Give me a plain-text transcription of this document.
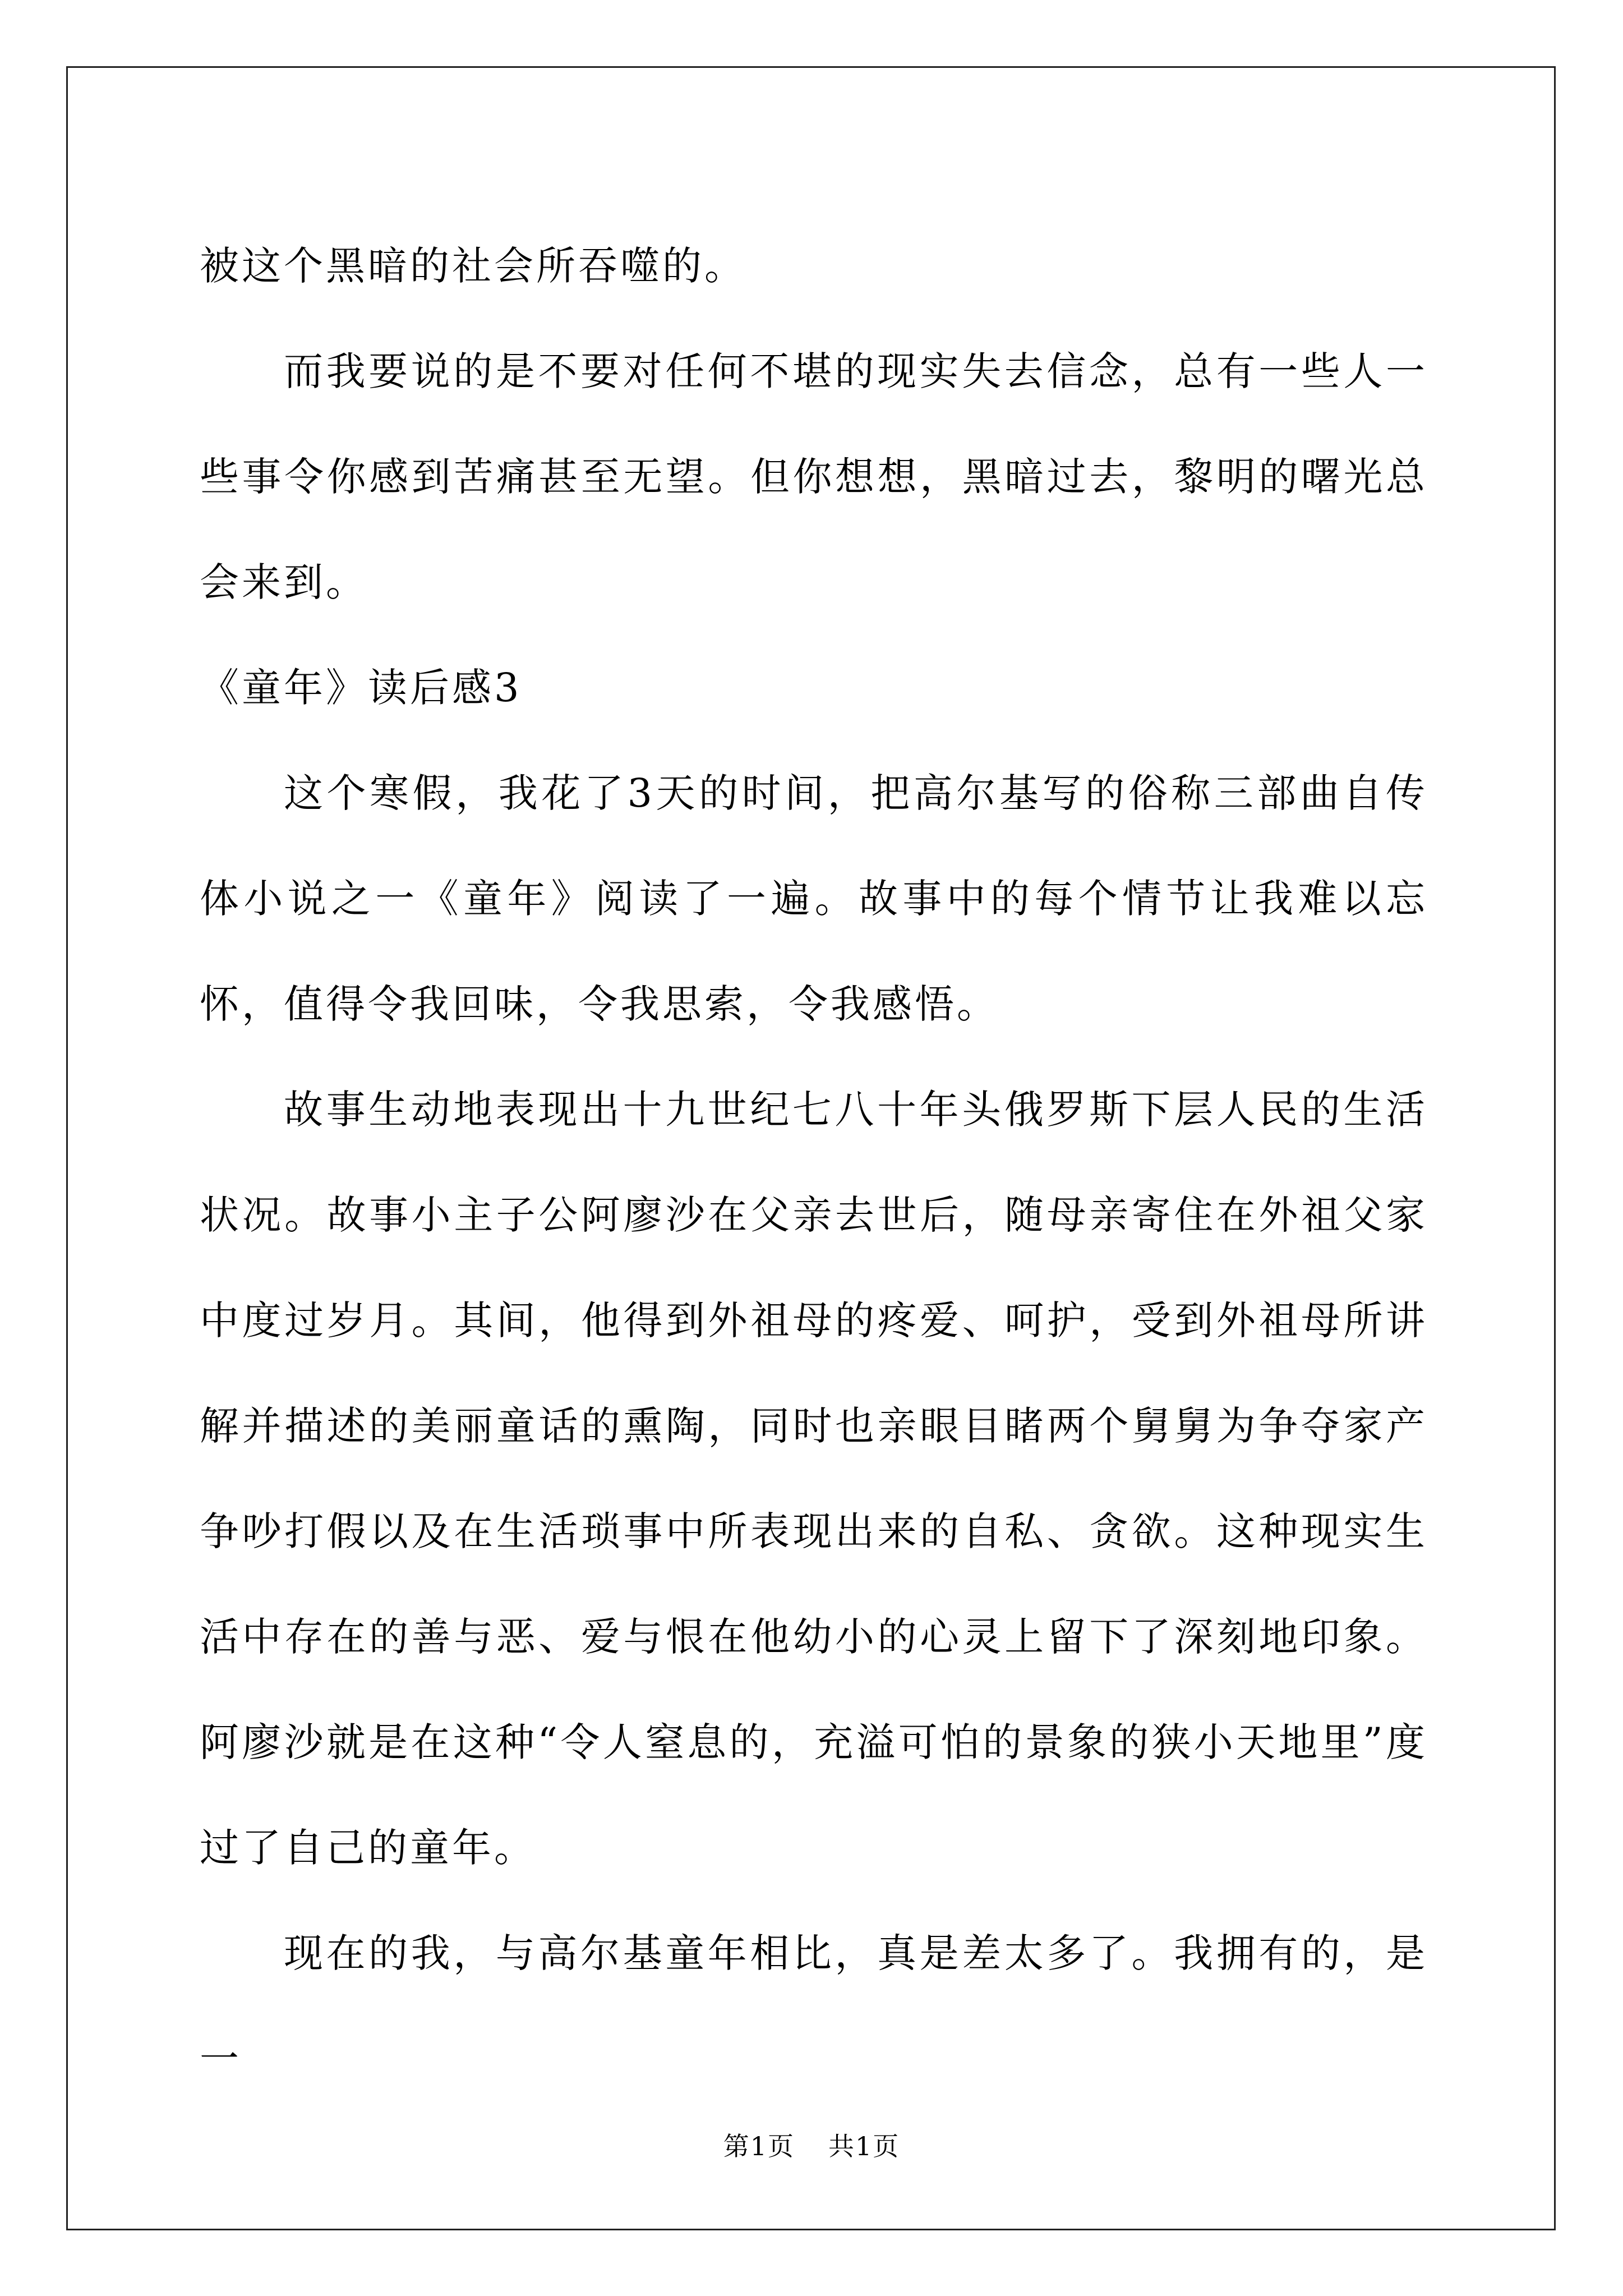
被这个黑暗的社会所吞噬的。

而我要说的是不要对任何不堪的现实失去信念，总有一些人一些事令你感到苦痛甚至无望。但你想想，黑暗过去，黎明的曙光总会来到。

《童年》读后感3

这个寒假，我花了3天的时间，把高尔基写的俗称三部曲自传体小说之一《童年》阅读了一遍。故事中的每个情节让我难以忘怀，值得令我回味，令我思索，令我感悟。

故事生动地表现出十九世纪七八十年头俄罗斯下层人民的生活状况。故事小主子公阿廖沙在父亲去世后，随母亲寄住在外祖父家中度过岁月。其间，他得到外祖母的疼爱、呵护，受到外祖母所讲解并描述的美丽童话的熏陶，同时也亲眼目睹两个舅舅为争夺家产争吵打假以及在生活琐事中所表现出来的自私、贪欲。这种现实生活中存在的善与恶、爱与恨在他幼小的心灵上留下了深刻地印象。阿廖沙就是在这种“令人窒息的，充溢可怕的景象的狭小天地里”度过了自己的童年。

现在的我，与高尔基童年相比，真是差太多了。我拥有的，是一

第1页 共1页
